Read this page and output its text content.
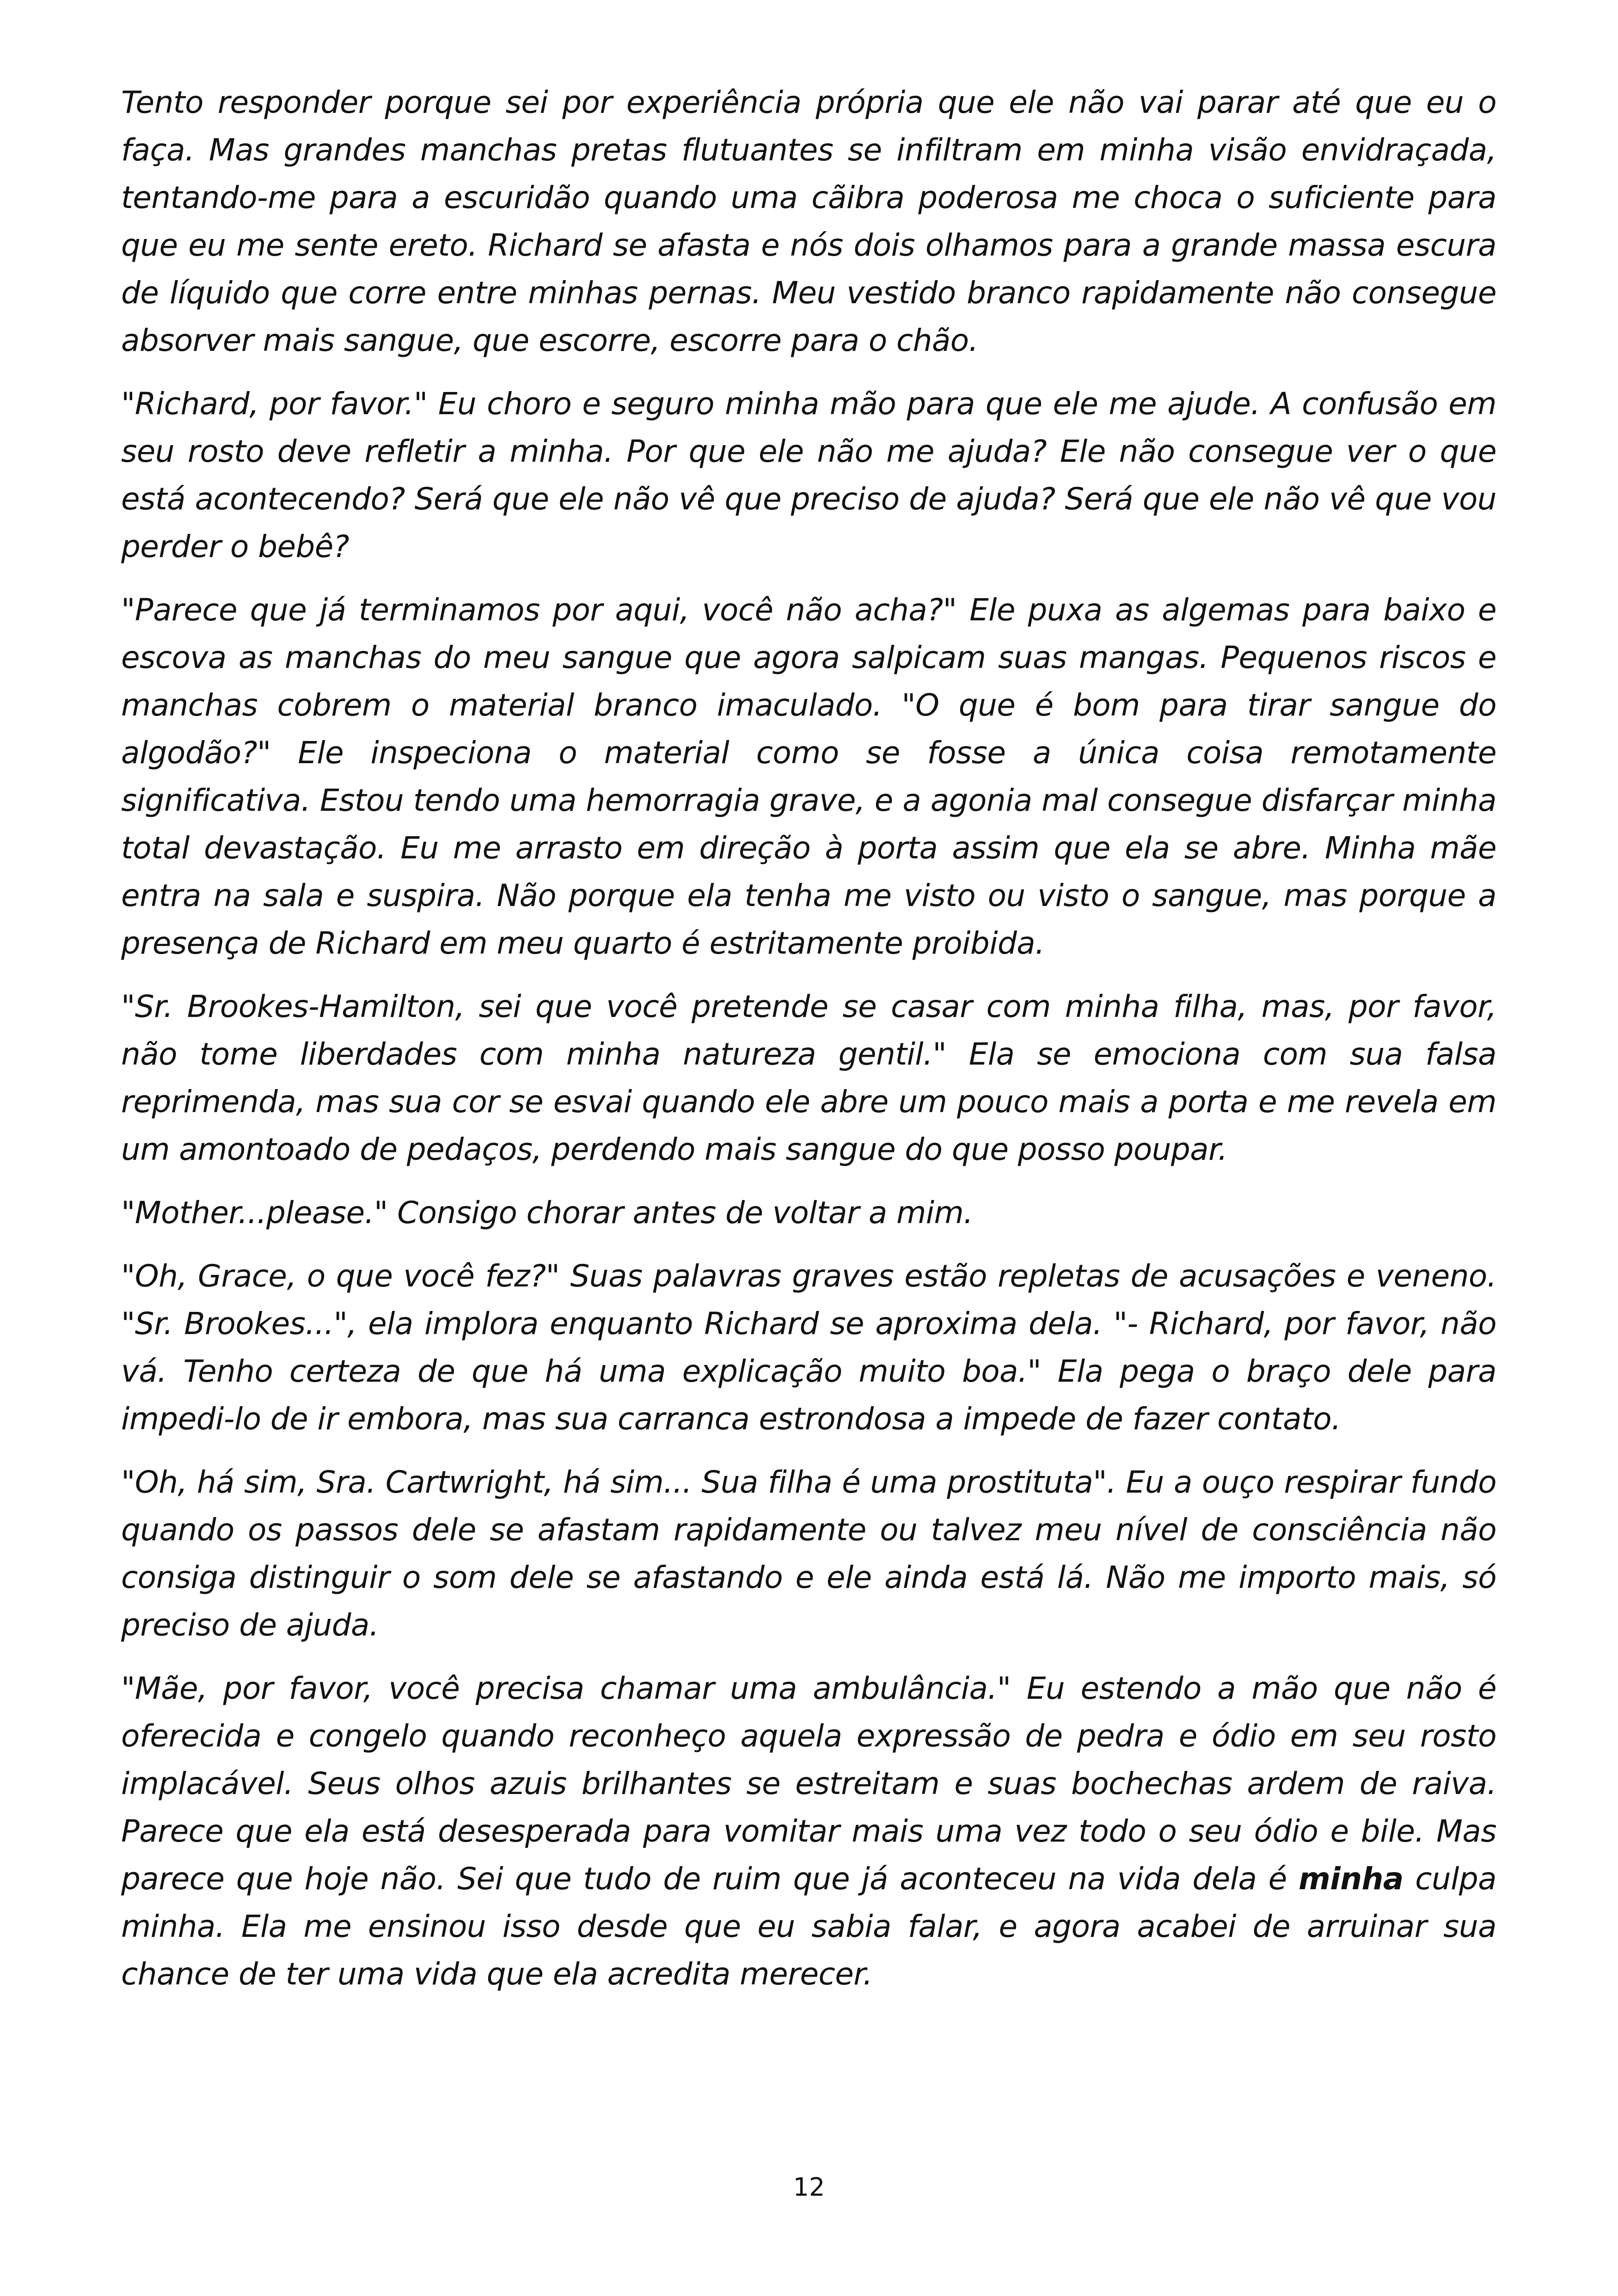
Tento responder porque sei por experiência própria que ele não vai parar até que eu o faça. Mas grandes manchas pretas flutuantes se infiltram em minha visão envidraçada, tentando-me para a escuridão quando uma cãibra poderosa me choca o suficiente para que eu me sente ereto. Richard se afasta e nós dois olhamos para a grande massa escura de líquido que corre entre minhas pernas. Meu vestido branco rapidamente não consegue absorver mais sangue, que escorre, escorre para o chão.

"Richard, por favor." Eu choro e seguro minha mão para que ele me ajude. A confusão em seu rosto deve refletir a minha. Por que ele não me ajuda? Ele não consegue ver o que está acontecendo? Será que ele não vê que preciso de ajuda? Será que ele não vê que vou perder o bebê?

"Parece que já terminamos por aqui, você não acha?" Ele puxa as algemas para baixo e escova as manchas do meu sangue que agora salpicam suas mangas. Pequenos riscos e manchas cobrem o material branco imaculado. "O que é bom para tirar sangue do algodão?" Ele inspeciona o material como se fosse a única coisa remotamente significativa. Estou tendo uma hemorragia grave, e a agonia mal consegue disfarçar minha total devastação. Eu me arrasto em direção à porta assim que ela se abre. Minha mãe entra na sala e suspira. Não porque ela tenha me visto ou visto o sangue, mas porque a presença de Richard em meu quarto é estritamente proibida.

"Sr. Brookes-Hamilton, sei que você pretende se casar com minha filha, mas, por favor, não tome liberdades com minha natureza gentil." Ela se emociona com sua falsa reprimenda, mas sua cor se esvai quando ele abre um pouco mais a porta e me revela em um amontoado de pedaços, perdendo mais sangue do que posso poupar.

"Mother...please." Consigo chorar antes de voltar a mim.

"Oh, Grace, o que você fez?" Suas palavras graves estão repletas de acusações e veneno. "Sr. Brookes...", ela implora enquanto Richard se aproxima dela. "- Richard, por favor, não vá. Tenho certeza de que há uma explicação muito boa." Ela pega o braço dele para impedi-lo de ir embora, mas sua carranca estrondosa a impede de fazer contato.

"Oh, há sim, Sra. Cartwright, há sim... Sua filha é uma prostituta". Eu a ouço respirar fundo quando os passos dele se afastam rapidamente ou talvez meu nível de consciência não consiga distinguir o som dele se afastando e ele ainda está lá. Não me importo mais, só preciso de ajuda.

"Mãe, por favor, você precisa chamar uma ambulância." Eu estendo a mão que não é oferecida e congelo quando reconheço aquela expressão de pedra e ódio em seu rosto implacável. Seus olhos azuis brilhantes se estreitam e suas bochechas ardem de raiva. Parece que ela está desesperada para vomitar mais uma vez todo o seu ódio e bile. Mas parece que hoje não. Sei que tudo de ruim que já aconteceu na vida dela é minha culpa minha. Ela me ensinou isso desde que eu sabia falar, e agora acabei de arruinar sua chance de ter uma vida que ela acredita merecer.

12
